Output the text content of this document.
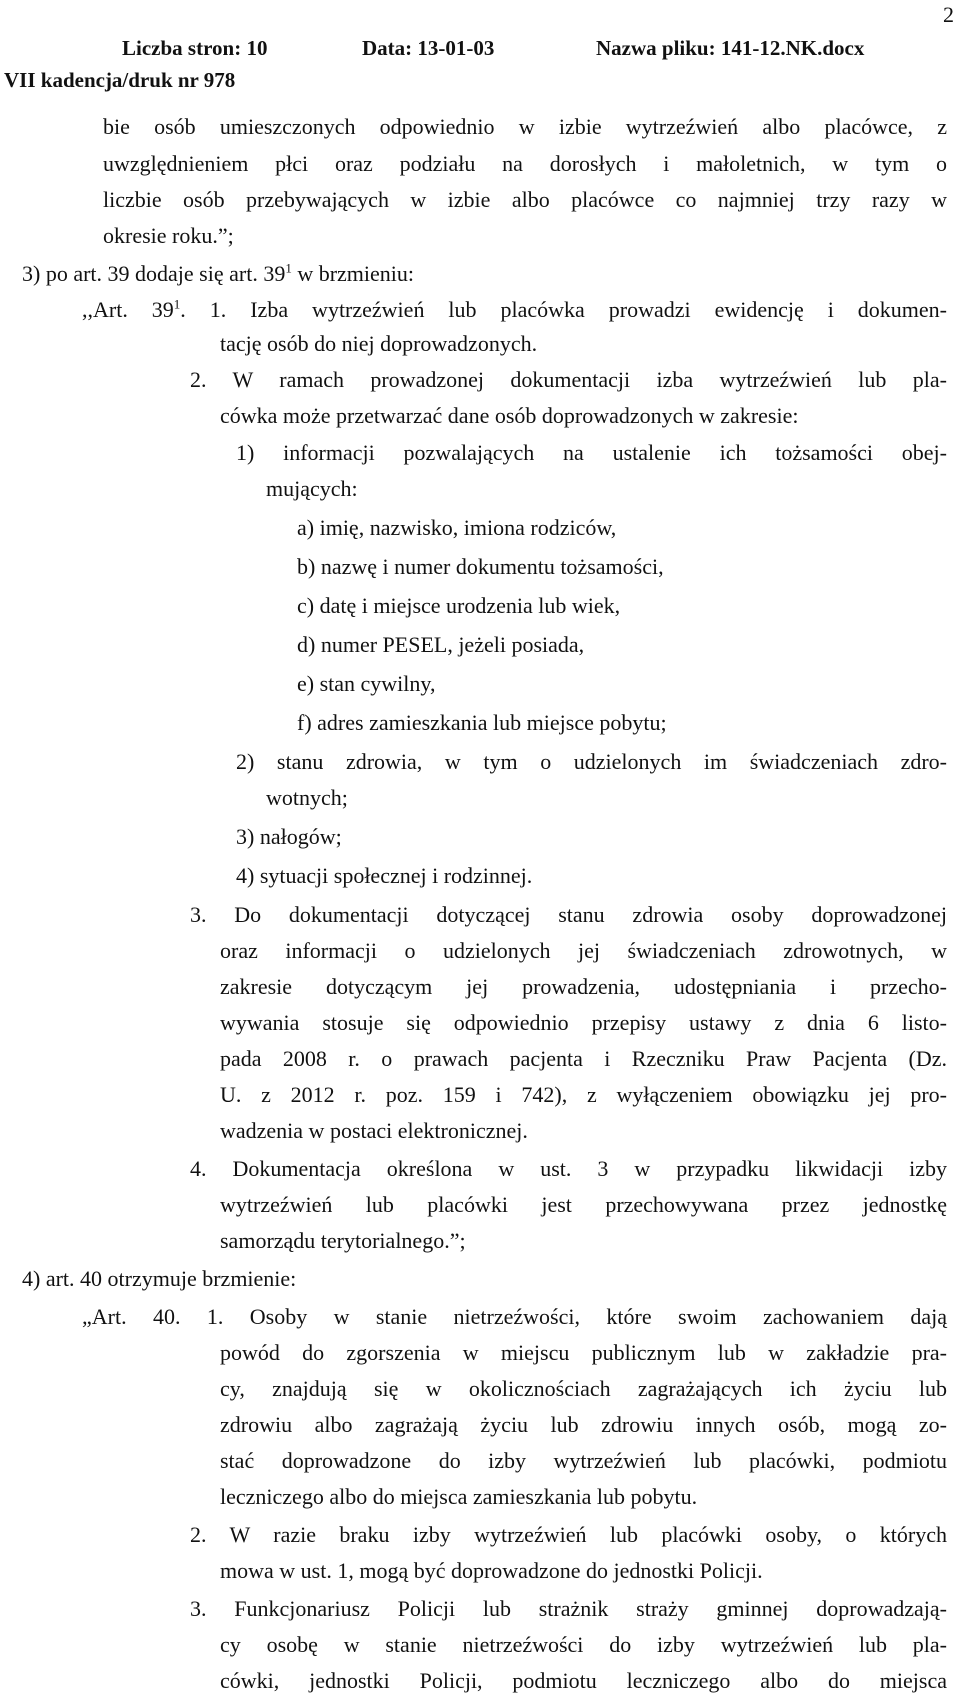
2
Liczba stron: 10	Data: 13-01-03	Nazwa pliku: 141-12.NK.docx
VII kadencja/druk nr 978
bie osób umieszczonych odpowiednio w izbie wytrzeźwień albo placówce, z
uwzględnieniem płci oraz podziału na dorosłych i małoletnich, w tym o
liczbie osób przebywających w izbie albo placówce co najmniej trzy razy w
okresie roku.”;
3) po art. 39 dodaje się art. $39^1$ w brzmieniu:
,,Art. $39^1$. 1. Izba wytrzeźwień lub placówka prowadzi ewidencję i dokumen-
tację osób do niej doprowadzonych.
2. W ramach prowadzonej dokumentacji izba wytrzeźwień lub pla-
cówka może przetwarzać dane osób doprowadzonych w zakresie:
1) informacji pozwalających na ustalenie ich tożsamości obej-
mujących:
a) imię, nazwisko, imiona rodziców,
b) nazwę i numer dokumentu tożsamości,
c) datę i miejsce urodzenia lub wiek,
d) numer PESEL, jeżeli posiada,
e) stan cywilny,
f) adres zamieszkania lub miejsce pobytu;
2) stanu zdrowia, w tym o udzielonych im świadczeniach zdro-
wotnych;
3) nałogów;
4) sytuacji społecznej i rodzinnej.
3. Do dokumentacji dotyczącej stanu zdrowia osoby doprowadzonej
oraz informacji o udzielonych jej świadczeniach zdrowotnych, w
zakresie dotyczącym jej prowadzenia, udostępniania i przecho-
wywania stosuje się odpowiednio przepisy ustawy z dnia 6 listo-
pada 2008 r. o prawach pacjenta i Rzeczniku Praw Pacjenta (Dz.
U. z 2012 r. poz. 159 i 742), z wyłączeniem obowiązku jej pro-
wadzenia w postaci elektronicznej.
4. Dokumentacja określona w ust. 3 w przypadku likwidacji izby
wytrzeźwień lub placówki jest przechowywana przez jednostkę
samorządu terytorialnego.”;
4) art. 40 otrzymuje brzmienie:
„Art. 40. 1. Osoby w stanie nietrzeźwości, które swoim zachowaniem dają
powód do zgorszenia w miejscu publicznym lub w zakładzie pra-
cy, znajdują się w okolicznościach zagrażających ich życiu lub
zdrowiu albo zagrażają życiu lub zdrowiu innych osób, mogą zo-
stać doprowadzone do izby wytrzeźwień lub placówki, podmiotu
leczniczego albo do miejsca zamieszkania lub pobytu.
2. W razie braku izby wytrzeźwień lub placówki osoby, o których
mowa w ust. 1, mogą być doprowadzone do jednostki Policji.
3. Funkcjonariusz Policji lub strażnik straży gminnej doprowadzają-
cy osobę w stanie nietrzeźwości do izby wytrzeźwień lub pla-
cówki, jednostki Policji, podmiotu leczniczego albo do miejsca
